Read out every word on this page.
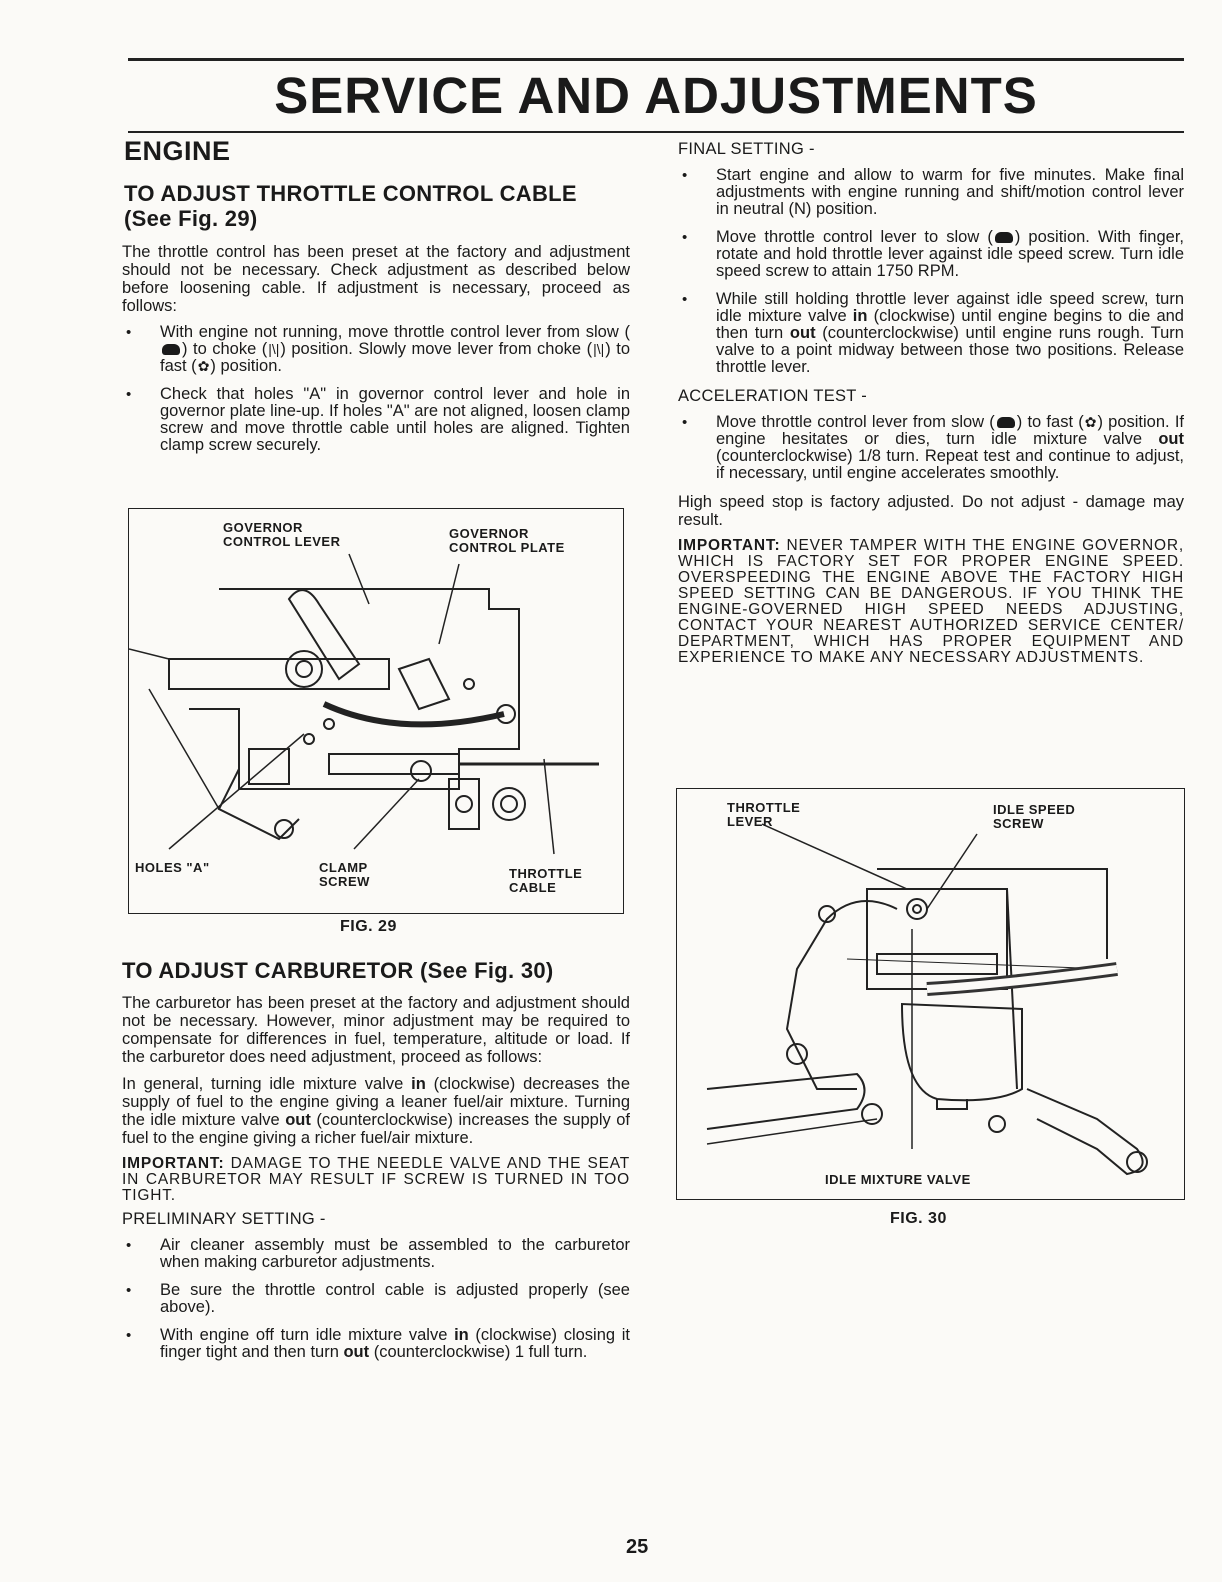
SERVICE AND ADJUSTMENTS
ENGINE
TO ADJUST THROTTLE CONTROL CABLE
(See Fig. 29)

The throttle control has been preset at the factory and adjustment should not be necessary. Check adjustment as described below before loosening cable. If adjustment is necessary, proceed as follows:

• With engine not running, move throttle control lever from slow () to choke (|\|) position. Slowly move lever from choke (|\|) to fast (✿) position.
• Check that holes "A" in governor control lever and hole in governor plate line-up. If holes "A" are not aligned, loosen clamp screw and move throttle cable until holes are aligned. Tighten clamp screw securely.
GOVERNOR CONTROL LEVER
GOVERNOR CONTROL PLATE
HOLES "A"	CLAMP SCREW
THROTTLE CABLE
FIG. 29
TO ADJUST CARBURETOR (See Fig. 30)

The carburetor has been preset at the factory and adjustment should not be necessary. However, minor adjustment may be required to compensate for differences in fuel, temperature, altitude or load. If the carburetor does need adjustment, proceed as follows:

In general, turning idle mixture valve in (clockwise) decreases the supply of fuel to the engine giving a leaner fuel/air mixture. Turning the idle mixture valve out (counterclockwise) increases the supply of fuel to the engine giving a richer fuel/air mixture.

IMPORTANT: DAMAGE TO THE NEEDLE VALVE AND THE SEAT IN CARBURETOR MAY RESULT IF SCREW IS TURNED IN TOO TIGHT.

PRELIMINARY SETTING -
• Air cleaner assembly must be assembled to the carburetor when making carburetor adjustments.
• Be sure the throttle control cable is adjusted properly (see above).
• With engine off turn idle mixture valve in (clockwise) closing it finger tight and then turn out (counterclockwise) 1 full turn.
FINAL SETTING -
• Start engine and allow to warm for five minutes. Make final adjustments with engine running and shift/motion control lever in neutral (N) position.
• Move throttle control lever to slow ( ) position. With finger, rotate and hold throttle lever against idle speed screw. Turn idle speed screw to attain 1750 RPM.
• While still holding throttle lever against idle speed screw, turn idle mixture valve in (clockwise) until engine begins to die and then turn out (counterclockwise) until engine runs rough. Turn valve to a point midway between those two positions. Release throttle lever.
ACCELERATION TEST -
• Move throttle control lever from slow ( ) to fast (✿) position. If engine hesitates or dies, turn idle mixture valve out (counterclockwise) 1/8 turn. Repeat test and continue to adjust, if necessary, until engine accelerates smoothly.

High speed stop is factory adjusted. Do not adjust - damage may result.

IMPORTANT: NEVER TAMPER WITH THE ENGINE GOVERNOR, WHICH IS FACTORY SET FOR PROPER ENGINE SPEED. OVERSPEEDING THE ENGINE ABOVE THE FACTORY HIGH SPEED SETTING CAN BE DANGEROUS. IF YOU THINK THE ENGINE-GOVERNED HIGH SPEED NEEDS ADJUSTING, CONTACT YOUR NEAREST AUTHORIZED SERVICE CENTER/ DEPARTMENT, WHICH HAS PROPER EQUIPMENT AND EXPERIENCE TO MAKE ANY NECESSARY ADJUSTMENTS.

THROTTLE LEVER
IDLE SPEED SCREW
IDLE MIXTURE VALVE
FIG. 30
25
